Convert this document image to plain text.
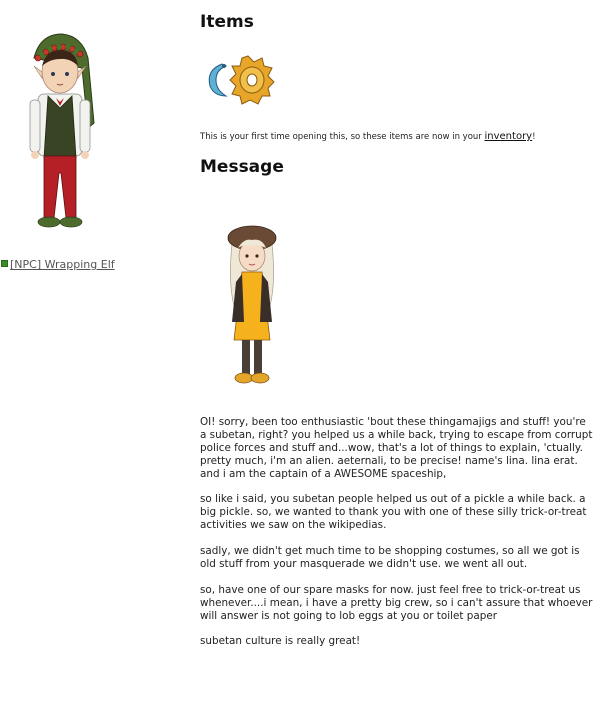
[NPC] Wrapping Elf
Items
This is your first time opening this, so these items are now in your inventory!
Message

OI! sorry, been too enthusiastic 'bout these thingamajigs and stuff! you're a subetan, right? you helped us a while back, trying to escape from corrupt police forces and stuff and...wow, that's a lot of things to explain, 'ctually.
pretty much, i'm an alien. aeternali, to be precise! name's lina. lina erat. and i am the captain of a AWESOME spaceship,

so like i said, you subetan people helped us out of a pickle a while back. a big pickle. so, we wanted to thank you with one of these silly trick-or-treat activities we saw on the wikipedias.

sadly, we didn't get much time to be shopping costumes, so all we got is old stuff from your masquerade we didn't use. we went all out.

so, have one of our spare masks for now. just feel free to trick-or-treat us whenever....i mean, i have a pretty big crew, so i can't assure that whoever will answer is not going to lob eggs at you or toilet paper

subetan culture is really great!
